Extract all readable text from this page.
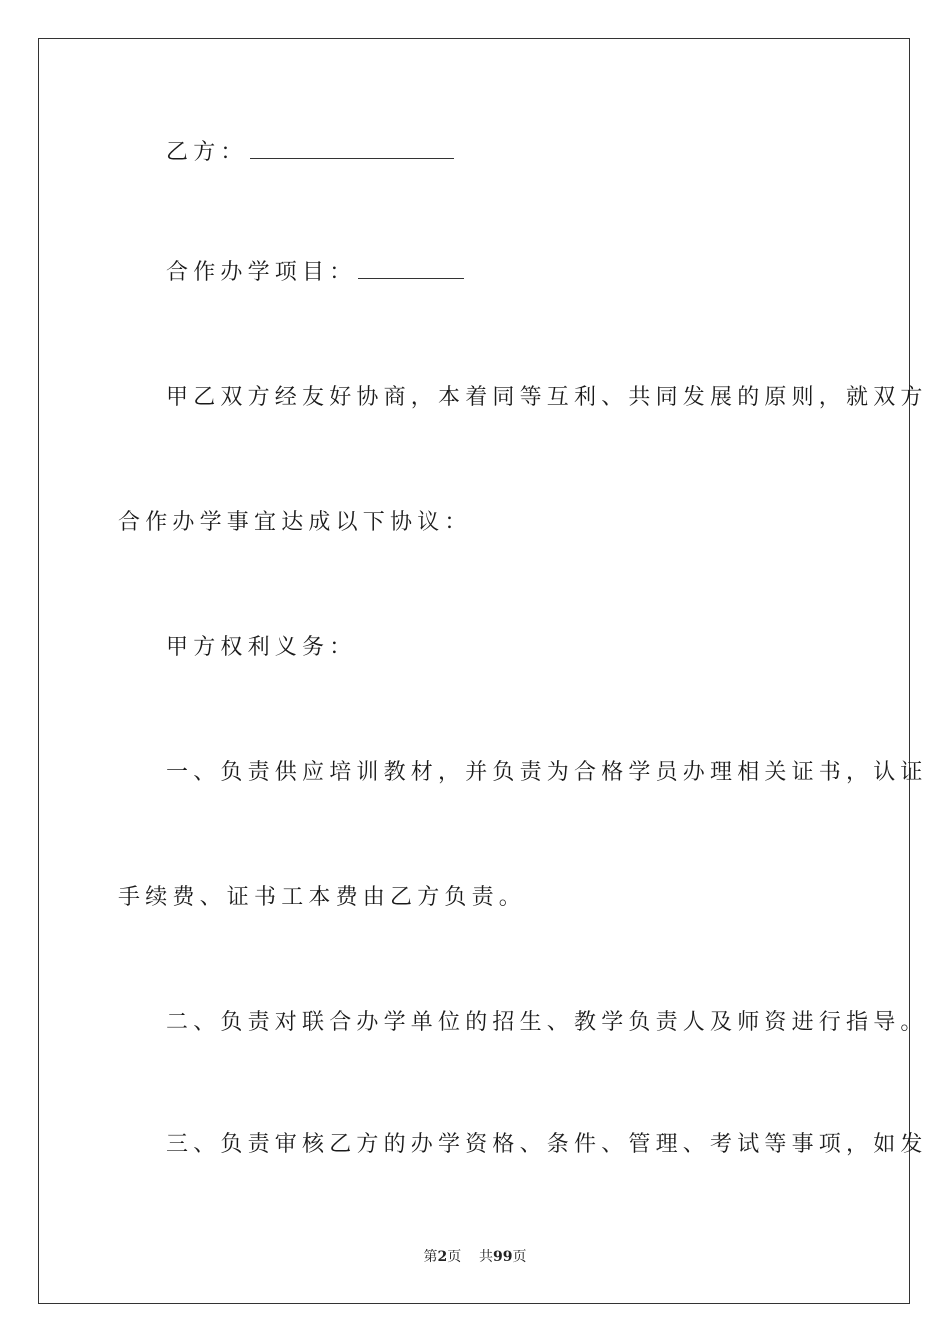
乙方：
合作办学项目：
甲乙双方经友好协商，本着同等互利、共同发展的原则，就双方
合作办学事宜达成以下协议：
甲方权利义务：
一、负责供应培训教材，并负责为合格学员办理相关证书，认证
手续费、证书工本费由乙方负责。
二、负责对联合办学单位的招生、教学负责人及师资进行指导。
三、负责审核乙方的办学资格、条件、管理、考试等事项，如发
第2页 共99页
